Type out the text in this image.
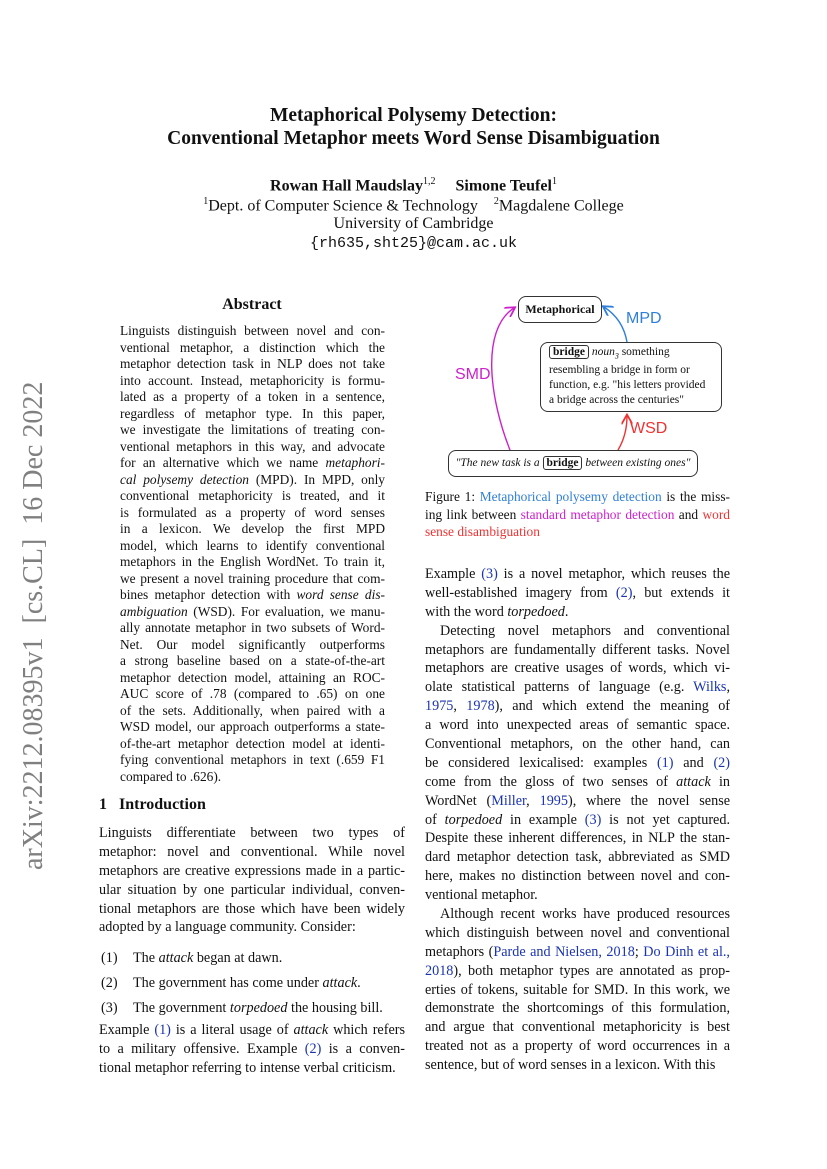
arXiv:2212.08395v1  [cs.CL]  16 Dec 2022
Metaphorical Polysemy Detection:
Conventional Metaphor meets Word Sense Disambiguation
Rowan Hall Maudslay$^{1,2}$ Simone Teufel$^1$
$^1$Dept. of Computer Science & Technology $^2$Magdalene College
University of Cambridge
{rh635,sht25}@cam.ac.uk
Abstract
Linguists distinguish between novel and con-
ventional metaphor, a distinction which the
metaphor detection task in NLP does not take
into account. Instead, metaphoricity is formu-
lated as a property of a token in a sentence,
regardless of metaphor type. In this paper,
we investigate the limitations of treating con-
ventional metaphors in this way, and advocate
for an alternative which we name metaphori-
cal polysemy detection (MPD). In MPD, only
conventional metaphoricity is treated, and it
is formulated as a property of word senses
in a lexicon. We develop the first MPD
model, which learns to identify conventional
metaphors in the English WordNet. To train it,
we present a novel training procedure that com-
bines metaphor detection with word sense dis-
ambiguation (WSD). For evaluation, we manu-
ally annotate metaphor in two subsets of Word-
Net. Our model significantly outperforms
a strong baseline based on a state-of-the-art
metaphor detection model, attaining an ROC-
AUC score of .78 (compared to .65) on one
of the sets. Additionally, when paired with a
WSD model, our approach outperforms a state-
of-the-art metaphor detection model at identi-
fying conventional metaphors in text (.659 F1
compared to .626).
1 Introduction
Linguists differentiate between two types of
metaphor: novel and conventional. While novel
metaphors are creative expressions made in a partic-
ular situation by one particular individual, conven-
tional metaphors are those which have been widely
adopted by a language community. Consider:
(1)	The attack began at dawn.
(2)	The government has come under attack.
(3)	The government torpedoed the housing bill.
Example (1) is a literal usage of attack which refers
to a military offensive. Example (2) is a conven-
tional metaphor referring to intense verbal criticism.
Metaphorical
MPD
SMD
WSD
bridge noun$_3$ something
resembling a bridge in form or
function, e.g. "his letters provided
a bridge across the centuries"
"The new task is a bridge between existing ones"
Figure 1: Metaphorical polysemy detection is the miss-
ing link between standard metaphor detection and word
sense disambiguation
Example (3) is a novel metaphor, which reuses the
well-established imagery from (2), but extends it
with the word torpedoed.
Detecting novel metaphors and conventional
metaphors are fundamentally different tasks. Novel
metaphors are creative usages of words, which vi-
olate statistical patterns of language (e.g. Wilks,
1975, 1978), and which extend the meaning of
a word into unexpected areas of semantic space.
Conventional metaphors, on the other hand, can
be considered lexicalised: examples (1) and (2)
come from the gloss of two senses of attack in
WordNet (Miller, 1995), where the novel sense
of torpedoed in example (3) is not yet captured.
Despite these inherent differences, in NLP the stan-
dard metaphor detection task, abbreviated as SMD
here, makes no distinction between novel and con-
ventional metaphor.
Although recent works have produced resources
which distinguish between novel and conventional
metaphors (Parde and Nielsen, 2018; Do Dinh et al.,
2018), both metaphor types are annotated as prop-
erties of tokens, suitable for SMD. In this work, we
demonstrate the shortcomings of this formulation,
and argue that conventional metaphoricity is best
treated not as a property of word occurrences in a
sentence, but of word senses in a lexicon. With this
